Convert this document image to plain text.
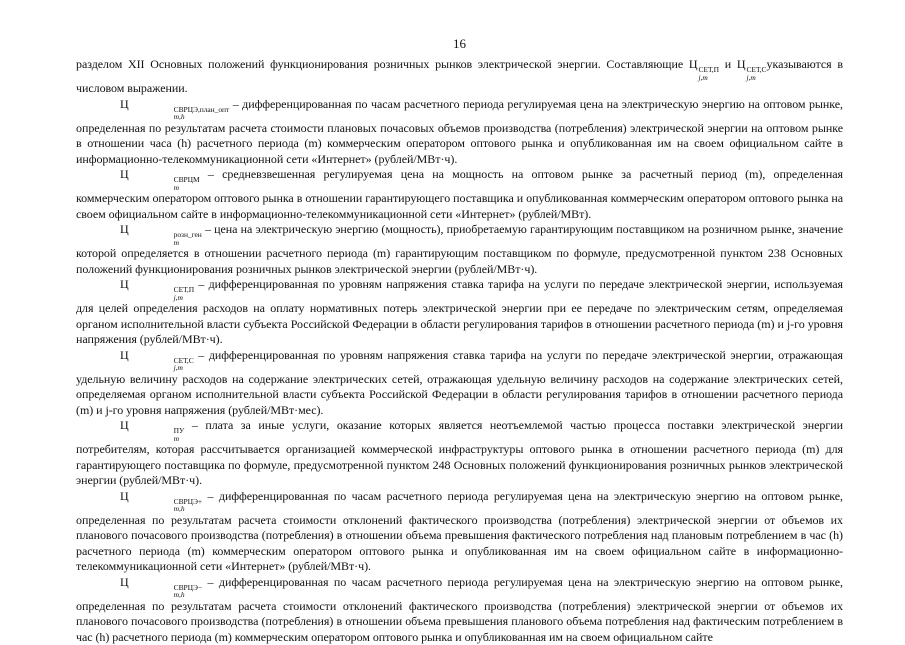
16

разделом XII Основных положений функционирования розничных рынков электрической энергии. Составляющие Ц СЕТ,П
j,m
и Ц СЕТ,С
j,m
указываются в числовом выражении.

Ц	СВРЦЭ,план_опт
m,h
– дифференцированная по часам расчетного периода регулируемая цена на электрическую энергию на оптовом рынке, определенная по результатам расчета стоимости плановых почасовых объемов производства (потребления) электрической энергии на оптовом рынке в отношении часа (h) расчетного периода (m) коммерческим оператором оптового рынка и опубликованная им на своем официальном сайте в информационно-телекоммуникационной сети «Интернет» (рублей/МВт·ч).

Ц	СВРЦМ
m
– средневзвешенная регулируемая цена на мощность на оптовом рынке за расчетный период (m), определенная коммерческим оператором оптового рынка в отношении гарантирующего поставщика и опубликованная коммерческим оператором оптового рынка на своем официальном сайте в информационно-телекоммуникационной сети «Интернет» (рублей/МВт).

Ц	розн_ген
m
– цена на электрическую энергию (мощность), приобретаемую гарантирующим поставщиком на розничном рынке, значение которой определяется в отношении расчетного периода (m) гарантирующим поставщиком по формуле, предусмотренной пунктом 238 Основных положений функционирования розничных рынков электрической энергии (рублей/МВт·ч).

Ц	СЕТ,П
j,m
– дифференцированная по уровням напряжения ставка тарифа на услуги по передаче электрической энергии, используемая для целей определения расходов на оплату нормативных потерь электрической энергии при ее передаче по электрическим сетям, определяемая органом исполнительной власти субъекта Российской Федерации в области регулирования тарифов в отношении расчетного периода (m) и j-го уровня напряжения (рублей/МВт·ч).

Ц	СЕТ,С
j,m
– дифференцированная по уровням напряжения ставка тарифа на услуги по передаче электрической энергии, отражающая удельную величину расходов на содержание электрических сетей, отражающая удельную величину расходов на содержание электрических сетей, определяемая органом исполнительной власти субъекта Российской Федерации в области регулирования тарифов в отношении расчетного периода (m) и j-го уровня напряжения (рублей/МВт·мес).

Ц	ПУ
m
– плата за иные услуги, оказание которых является неотъемлемой частью процесса поставки электрической энергии потребителям, которая рассчитывается организацией коммерческой инфраструктуры оптового рынка в отношении расчетного периода (m) для гарантирующего поставщика по формуле, предусмотренной пунктом 248 Основных положений функционирования розничных рынков электрической энергии (рублей/МВт·ч).

Ц	СВРЦЭ+
m,h
– дифференцированная по часам расчетного периода регулируемая цена на электрическую энергию на оптовом рынке, определенная по результатам расчета стоимости отклонений фактического производства (потребления) электрической энергии от объемов их планового почасового производства (потребления) в отношении объема превышения фактического потребления над плановым потреблением в час (h) расчетного периода (m) коммерческим оператором оптового рынка и опубликованная им на своем официальном сайте в информационно-телекоммуникационной сети «Интернет» (рублей/МВт·ч).

Ц	СВРЦЭ−
m,h
– дифференцированная по часам расчетного периода регулируемая цена на электрическую энергию на оптовом рынке, определенная по результатам расчета стоимости отклонений фактического производства (потребления) электрической энергии от объемов их планового почасового производства (потребления) в отношении объема превышения планового объема потребления над фактическим потреблением в час (h) расчетного периода (m) коммерческим оператором оптового рынка и опубликованная им на своем официальном сайте
